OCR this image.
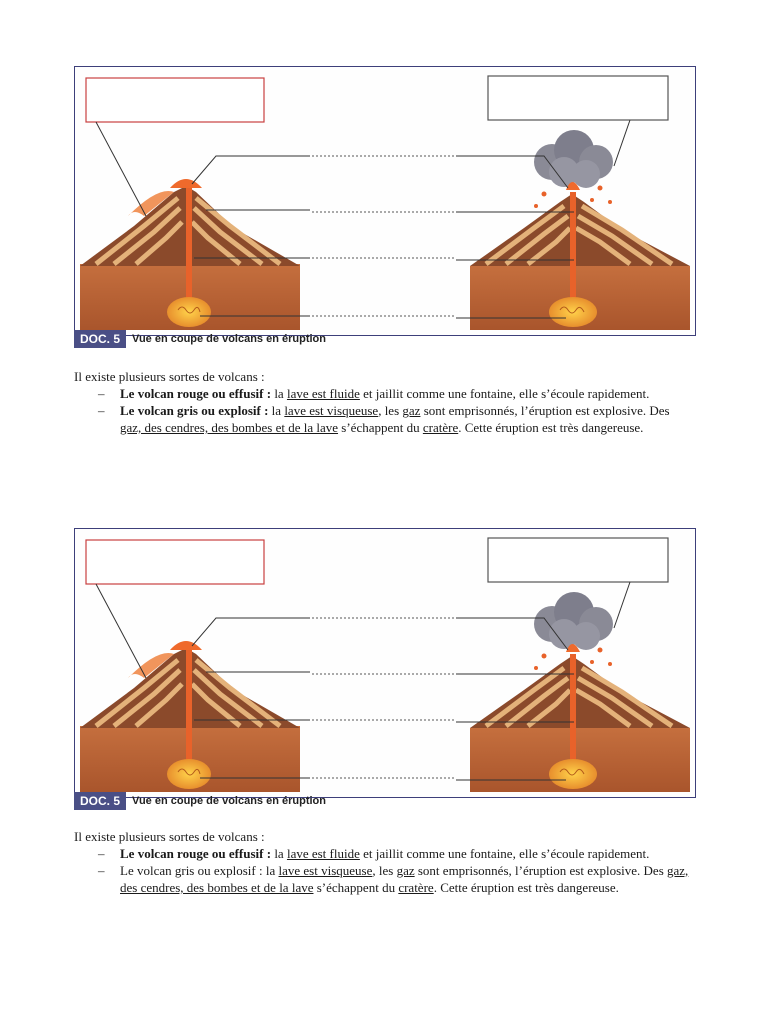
DOC. 5	Vue en coupe de volcans en éruption

Il existe plusieurs sortes de volcans :

– Le volcan rouge ou effusif : la lave est fluide et jaillit comme une fontaine, elle s’écoule rapidement.
– Le volcan gris ou explosif : la lave est visqueuse, les gaz sont emprisonnés, l’éruption est explosive. Des gaz, des cendres, des bombes et de la lave s’échappent du cratère. Cette éruption est très dangereuse.
DOC. 5	Vue en coupe de volcans en éruption

Il existe plusieurs sortes de volcans :

– Le volcan rouge ou effusif : la lave est fluide et jaillit comme une fontaine, elle s’écoule rapidement.
– Le volcan gris ou explosif : la lave est visqueuse, les gaz sont emprisonnés, l’éruption est explosive. Des gaz, des cendres, des bombes et de la lave s’échappent du cratère. Cette éruption est très dangereuse.
